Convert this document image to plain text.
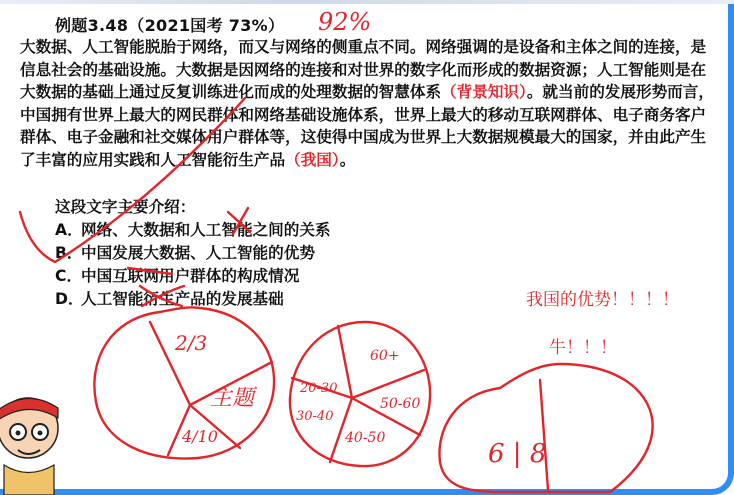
例题3.48（2021国考 73%）

大数据、人工智能脱胎于网络，而又与网络的侧重点不同。网络强调的是设备和主体之间的连接，是信息社会的基础设施。大数据是因网络的连接和对世界的数字化而形成的数据资源；人工智能则是在大数据的基础上通过反复训练进化而成的处理数据的智慧体系（背景知识）。就当前的发展形势而言，中国拥有世界上最大的网民群体和网络基础设施体系，世界上最大的移动互联网群体、电子商务客户群体、电子金融和社交媒体用户群体等，这使得中国成为世界上大数据规模最大的国家，并由此产生了丰富的应用实践和人工智能衍生产品（我国）。

这段文字主要介绍：
A．网络、大数据和人工智能之间的关系
B．中国发展大数据、人工智能的优势
C．中国互联网用户群体的构成情况
D．人工智能衍生产品的发展基础	我国的优势！！！！
牛！！！
92%
2/3
主题
4/10
60+
50-60
40-50
30-40
20-30
6 | 8
